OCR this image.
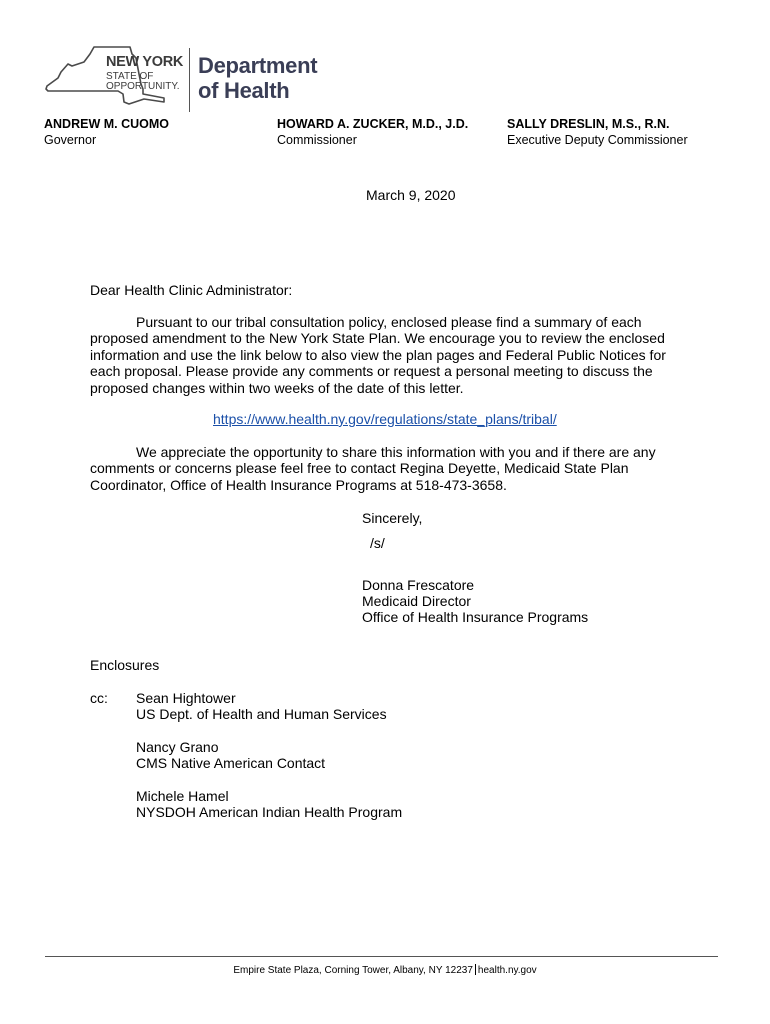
NEW YORK
STATE OF
OPPORTUNITY.
Department
of Health
ANDREW M. CUOMO
Governor
HOWARD A. ZUCKER, M.D., J.D.
Commissioner
SALLY DRESLIN, M.S., R.N.
Executive Deputy Commissioner
March 9, 2020
Dear Health Clinic Administrator:
Pursuant to our tribal consultation policy, enclosed please find a summary of each proposed amendment to the New York State Plan. We encourage you to review the enclosed information and use the link below to also view the plan pages and Federal Public Notices for each proposal. Please provide any comments or request a personal meeting to discuss the proposed changes within two weeks of the date of this letter.
https://www.health.ny.gov/regulations/state_plans/tribal/
We appreciate the opportunity to share this information with you and if there are any comments or concerns please feel free to contact Regina Deyette, Medicaid State Plan Coordinator, Office of Health Insurance Programs at 518-473-3658.
Sincerely,
/s/
Donna Frescatore
Medicaid Director
Office of Health Insurance Programs
Enclosures
cc: Sean Hightower
US Dept. of Health and Human Services
Nancy Grano
CMS Native American Contact
Michele Hamel
NYSDOH American Indian Health Program
Empire State Plaza, Corning Tower, Albany, NY 12237 health.ny.gov
